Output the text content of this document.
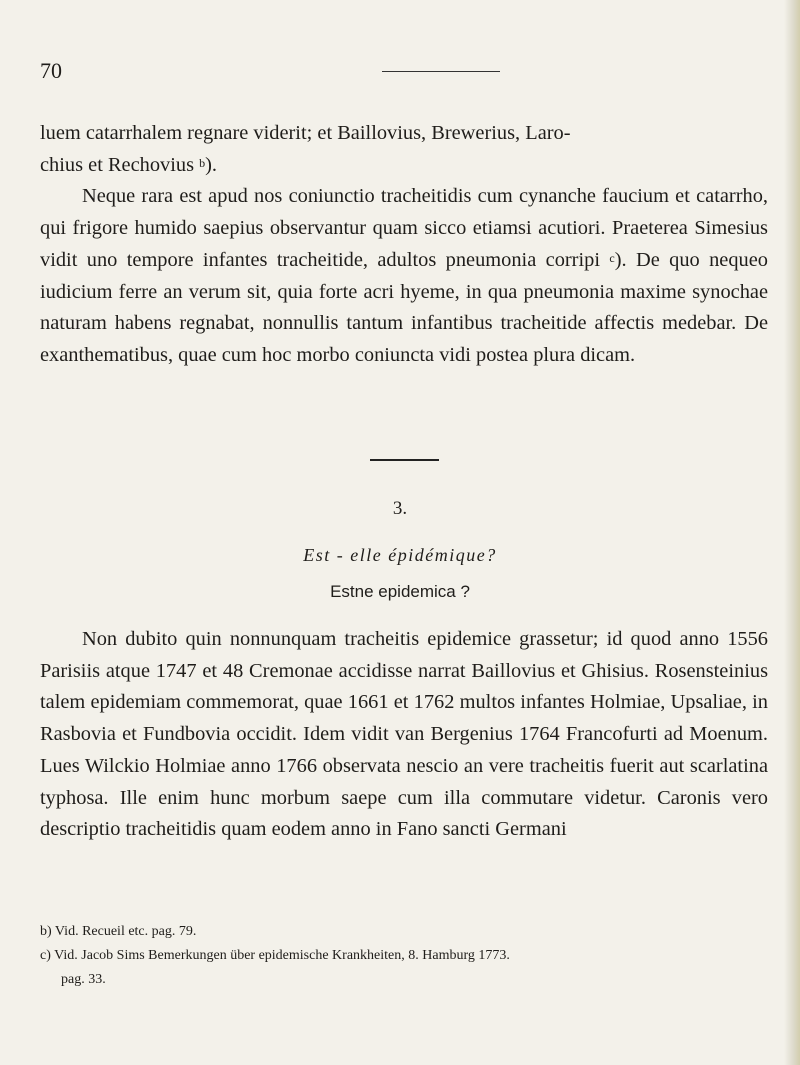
70
luem catarrhalem regnare viderit; et Baillovius, Brewerius, Laro-
chius et Rechovius $^b$).
Neque rara est apud nos coniunctio tracheitidis cum cynanche faucium et catarrho, qui frigore humido saepius observantur quam sicco etiamsi acutiori. Praeterea Simesius vidit uno tempore infantes tracheitide, adultos pneumonia corripi $^c$). De quo nequeo iudicium ferre an verum sit, quia forte acri hyeme, in qua pneumonia maxime synochae naturam habens regnabat, nonnullis tantum infantibus tracheitide affectis medebar. De exanthematibus, quae cum hoc morbo coniuncta vidi postea plura dicam.
3.
Est - elle épidémique?
Estne epidemica ?
Non dubito quin nonnunquam tracheitis epidemice grassetur; id quod anno 1556 Parisiis atque 1747 et 48 Cremonae accidisse narrat Baillovius et Ghisius. Rosensteinius talem epidemiam commemorat, quae 1661 et 1762 multos infantes Holmiae, Upsaliae, in Rasbovia et Fundbovia occidit. Idem vidit van Bergenius 1764 Francofurti ad Moenum. Lues Wilckio Holmiae anno 1766 observata nescio an vere tracheitis fuerit aut scarlatina typhosa. Ille enim hunc morbum saepe cum illa commutare videtur. Caronis vero descriptio tracheitidis quam eodem anno in Fano sancti Germani

b) Vid. Recueil etc. pag. 79.

c) Vid. Jacob Sims Bemerkungen über epidemische Krankheiten, 8. Hamburg 1773.

pag. 33.
